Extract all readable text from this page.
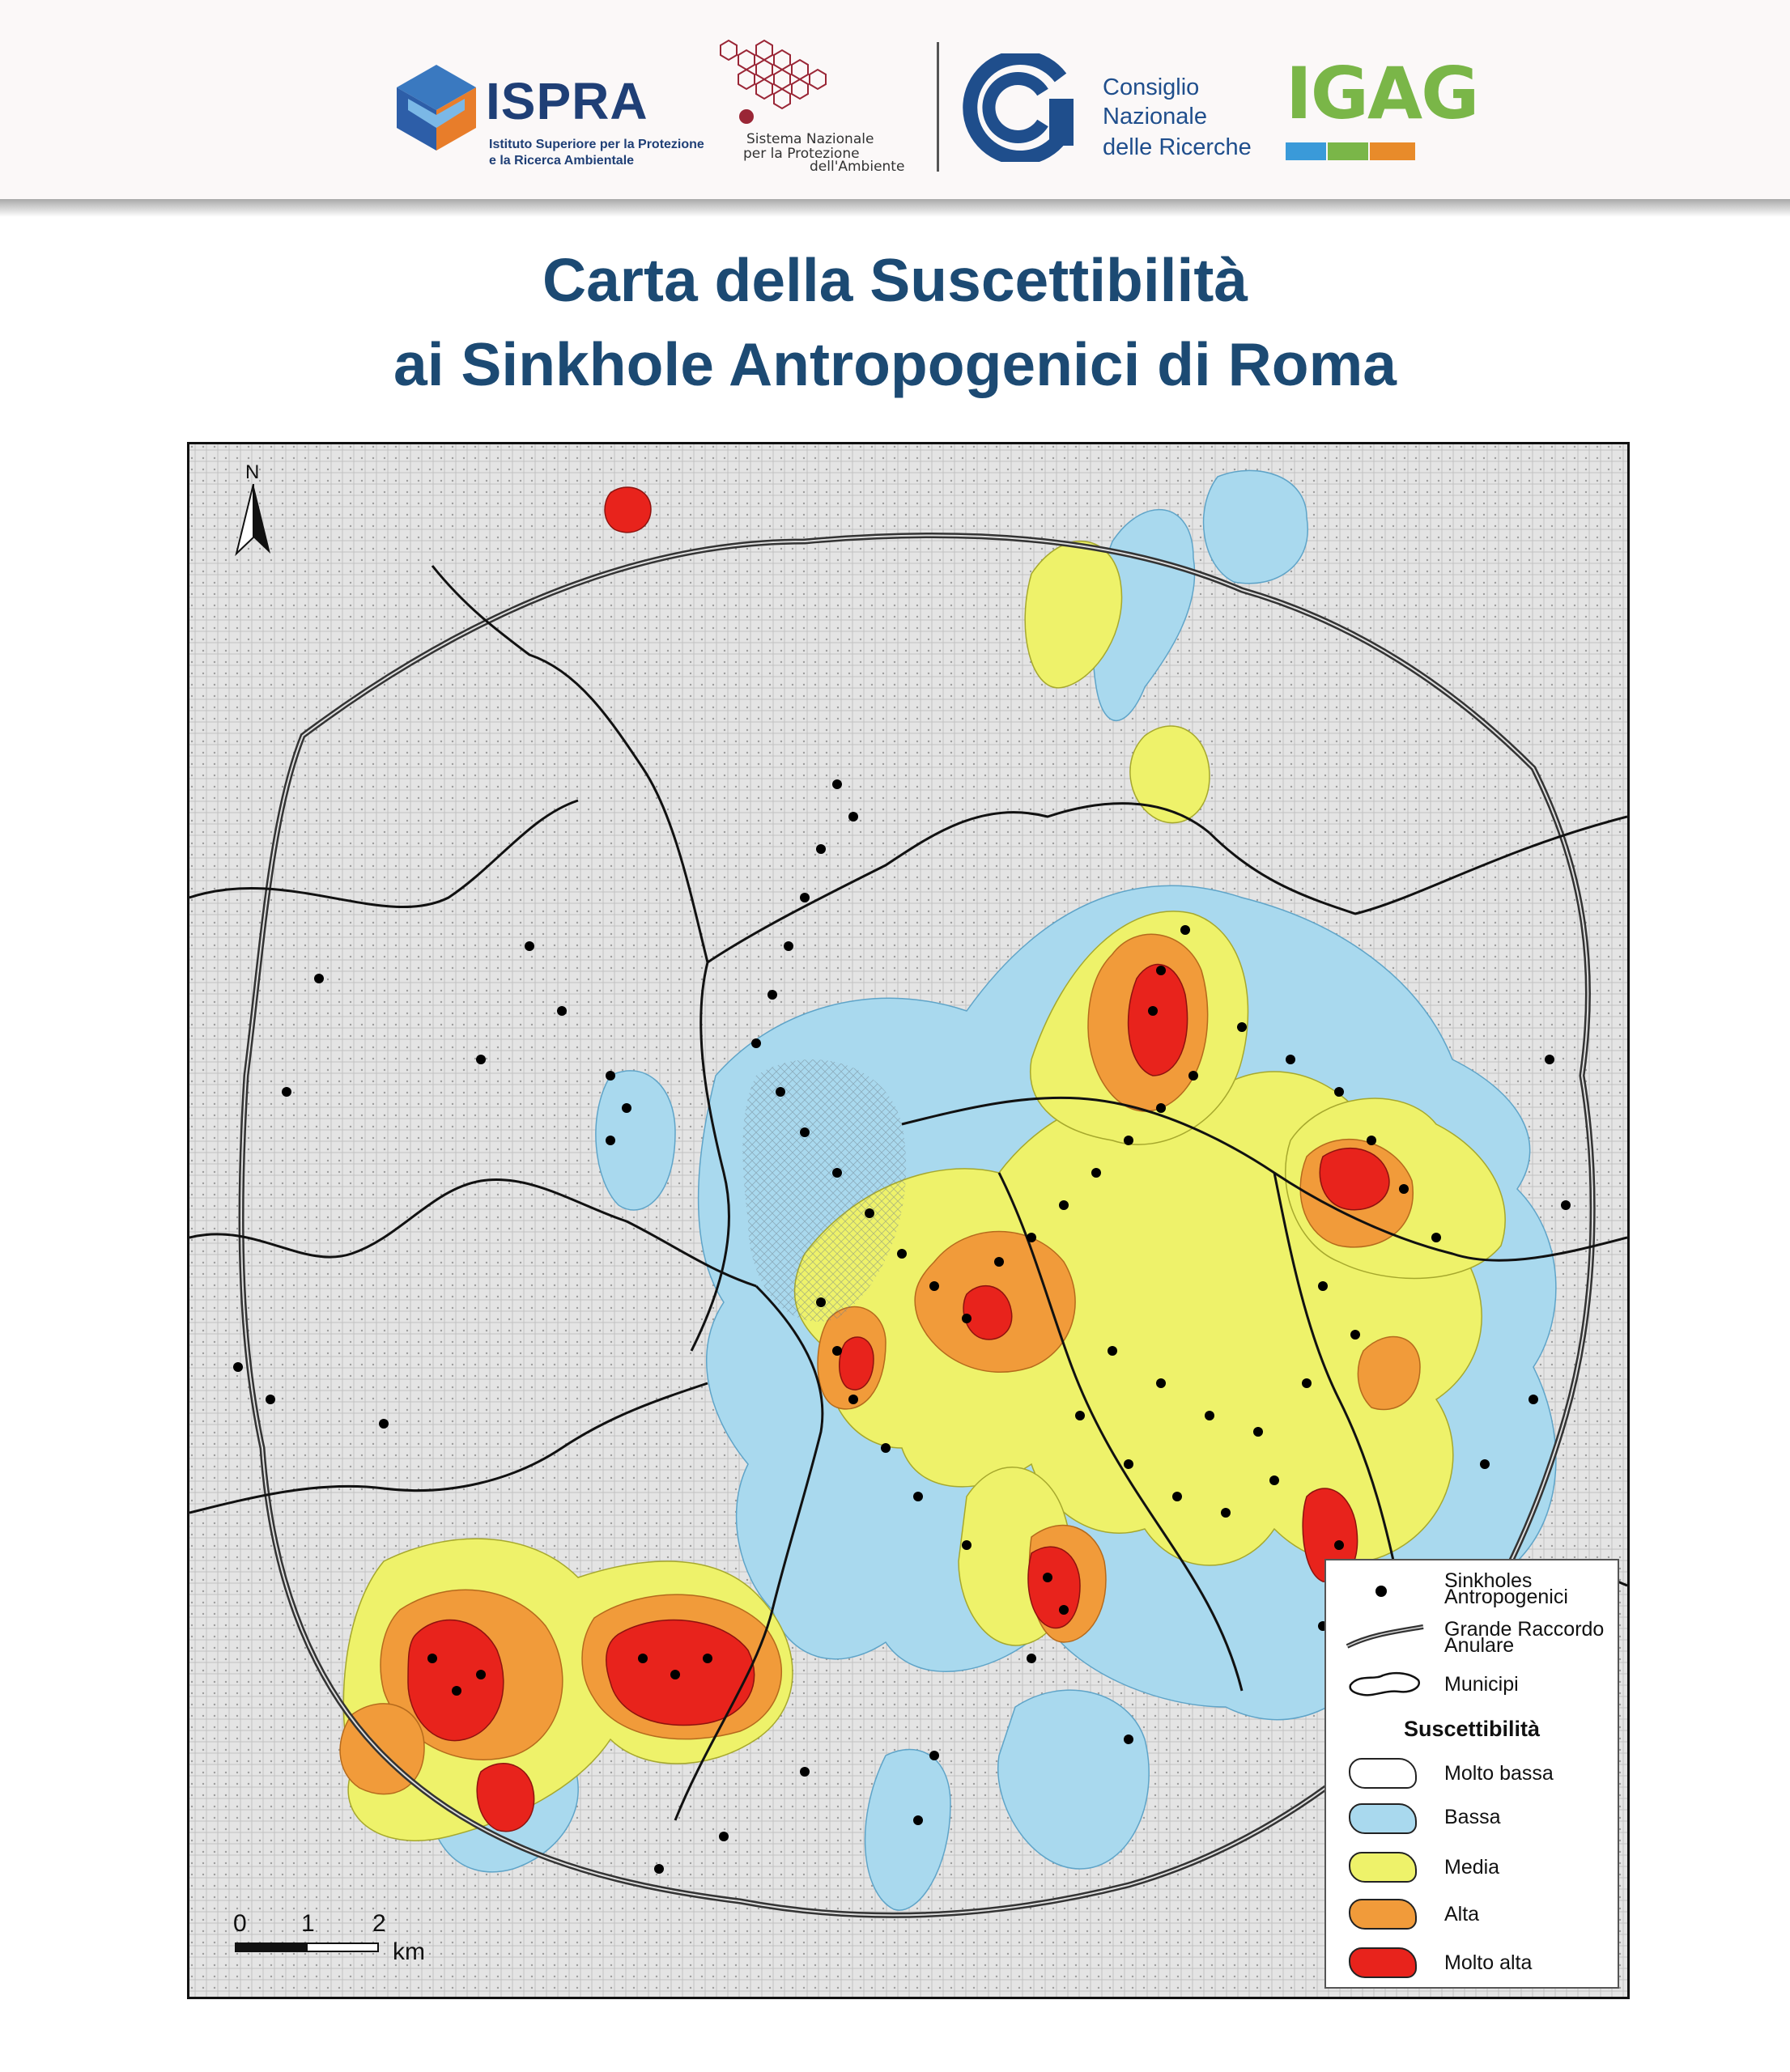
ISPRA
Istituto Superiore per la Protezione
e la Ricerca Ambientale
Sistema Nazionale
per la Protezione
dell'Ambiente
Consiglio
Nazionale
delle Ricerche
IGAG
Carta della Suscettibilità
ai Sinkhole Antropogenici di Roma
N
0 1 2
km
Sinkholes
Antropogenici
Grande Raccordo
Anulare
Municipi
Suscettibilità
Molto bassa
Bassa
Media
Alta
Molto alta
